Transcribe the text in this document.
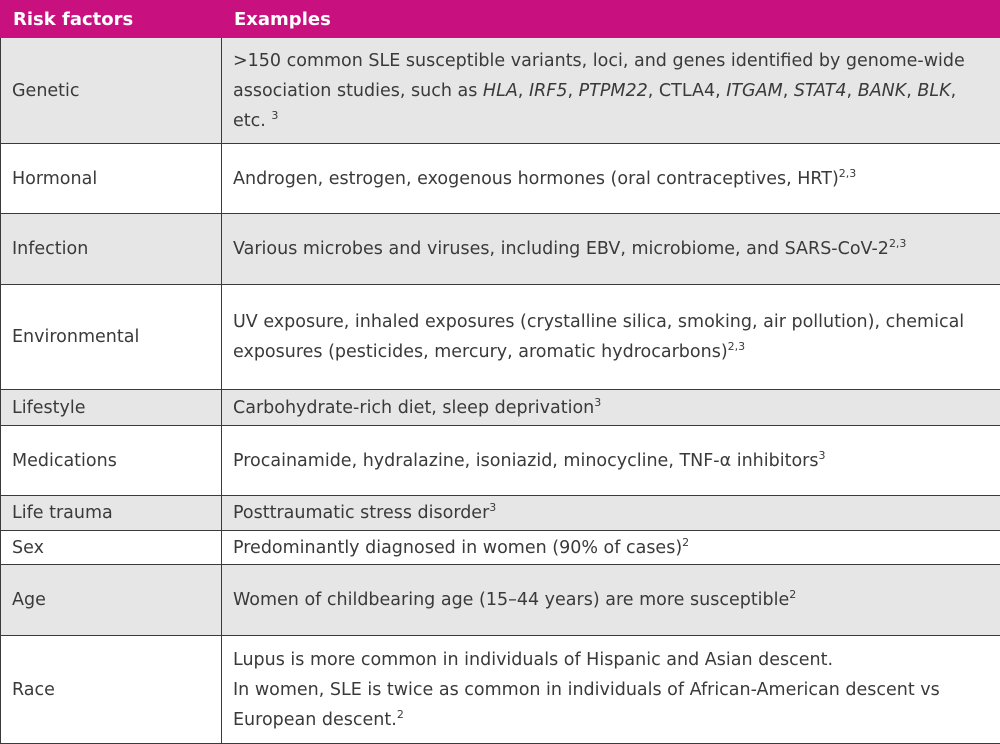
Risk factors	Examples
Genetic	>150 common SLE susceptible variants, loci, and genes identified by genome-wide association studies, such as HLA, IRF5, PTPM22, CTLA4, ITGAM, STAT4, BANK, BLK, etc. $^3$
Hormonal	Androgen, estrogen, exogenous hormones (oral contraceptives, HRT)$^{2,3}$
Infection	Various microbes and viruses, including EBV, microbiome, and SARS-CoV-2$^{2,3}$
Environmental	UV exposure, inhaled exposures (crystalline silica, smoking, air pollution), chemical exposures (pesticides, mercury, aromatic hydrocarbons)$^{2,3}$
Lifestyle	Carbohydrate-rich diet, sleep deprivation$^3$
Medications	Procainamide, hydralazine, isoniazid, minocycline, TNF-α inhibitors$^3$
Life trauma	Posttraumatic stress disorder$^3$
Sex	Predominantly diagnosed in women (90% of cases)$^2$
Age	Women of childbearing age (15–44 years) are more susceptible$^2$
Race	Lupus is more common in individuals of Hispanic and Asian descent.
In women, SLE is twice as common in individuals of African-American descent vs European descent.$^2$
